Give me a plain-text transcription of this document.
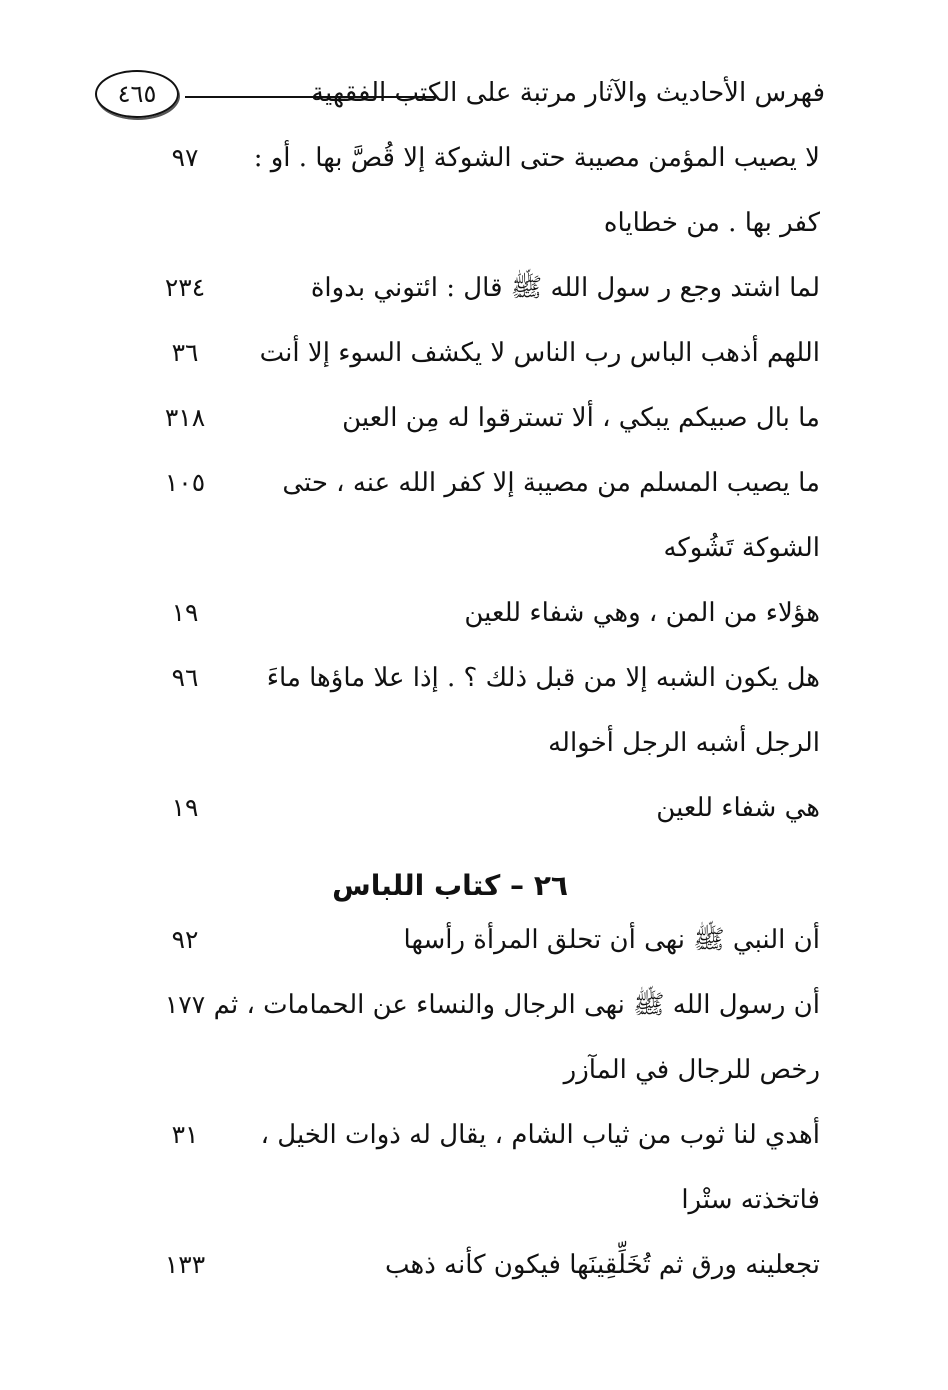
٤٦٥	فهرس الأحاديث والآثار مرتبة على الكتب الفقهية
لا يصيب المؤمن مصيبة حتى الشوكة إلا قُصَّ بها . أو :
٩٧
كفر بها . من خطاياه
لما اشتد وجع ر سول الله ﷺ قال : ائتوني بدواة
٢٣٤
اللهم أذهب الباس رب الناس لا يكشف السوء إلا أنت
٣٦
ما بال صبيكم يبكي ، ألا تسترقوا له مِن العين
٣١٨
ما يصيب المسلم من مصيبة إلا كفر الله عنه ، حتى
١٠٥
الشوكة تَشُوكه
هؤلاء من المن ، وهي شفاء للعين
١٩
هل يكون الشبه إلا من قبل ذلك ؟ . إذا علا ماؤها ماءَ
٩٦
الرجل أشبه الرجل أخواله
هي شفاء للعين
١٩
٢٦ – كتاب اللباس
أن النبي ﷺ نهى أن تحلق المرأة رأسها
٩٢
أن رسول الله ﷺ نهى الرجال والنساء عن الحمامات ، ثم
١٧٧
رخص للرجال في المآزر
أهدي لنا ثوب من ثياب الشام ، يقال له ذوات الخيل ،
٣١
فاتخذته ستْرا
تجعلينه ورق ثم تُخَلِّقِينَها فيكون كأنه ذهب
١٣٣
